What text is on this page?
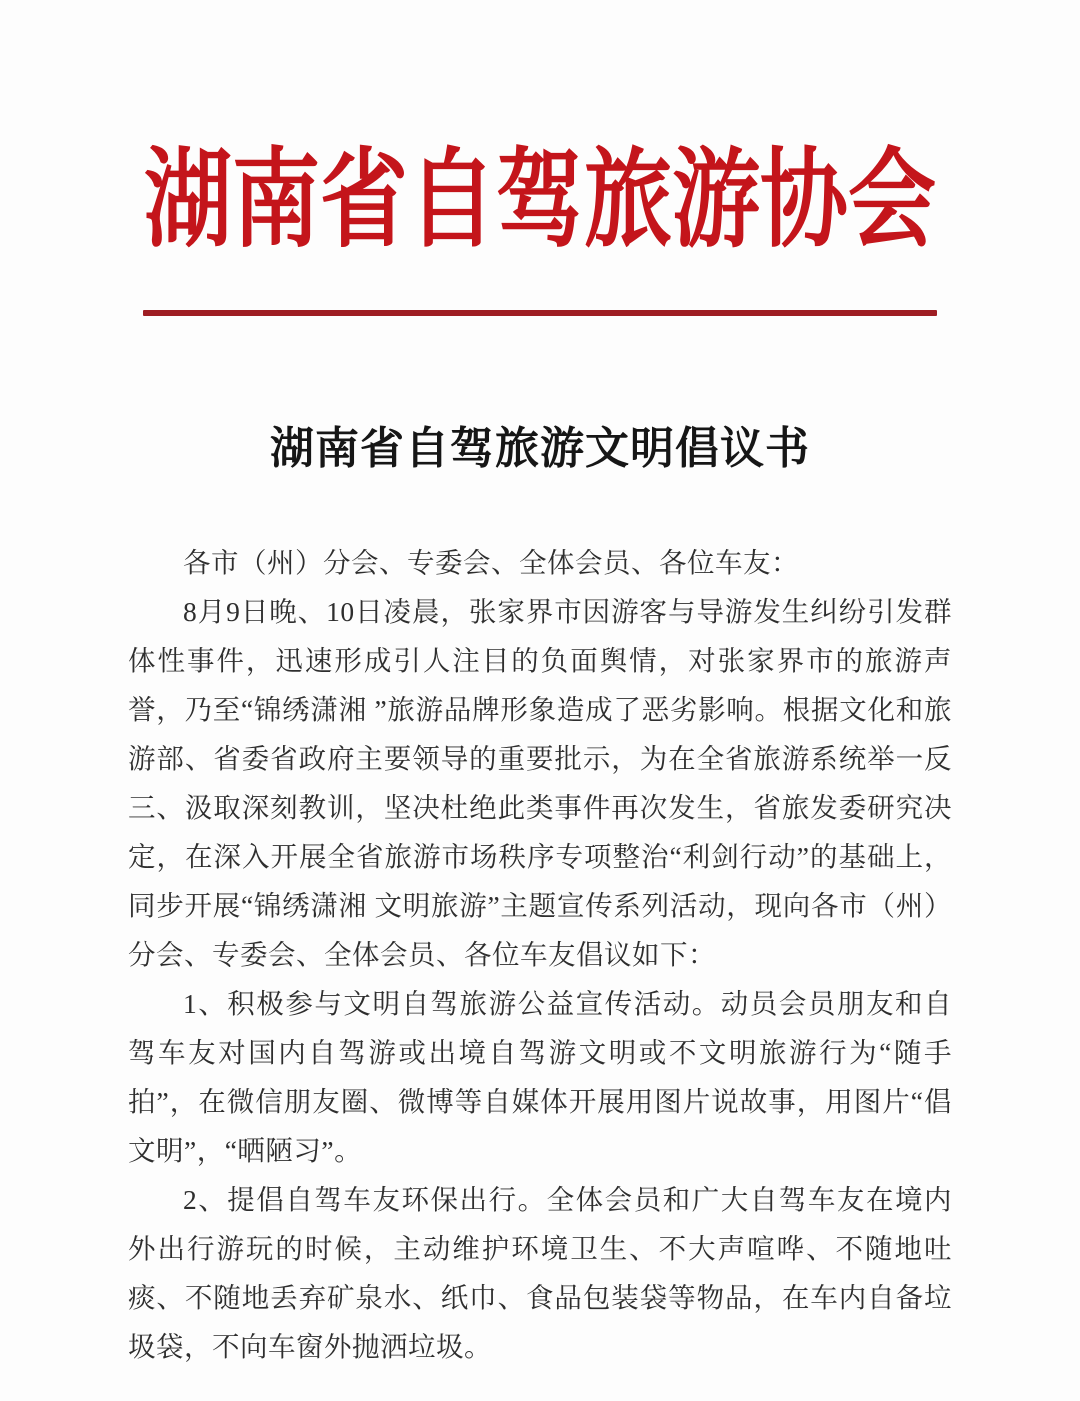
湖南省自驾旅游协会
湖南省自驾旅游文明倡议书

各市（州）分会、专委会、全体会员、各位车友：

8月9日晚、10日凌晨，张家界市因游客与导游发生纠纷引发群体性事件，迅速形成引人注目的负面舆情，对张家界市的旅游声誉，乃至“锦绣潇湘 ”旅游品牌形象造成了恶劣影响。根据文化和旅游部、省委省政府主要领导的重要批示，为在全省旅游系统举一反三、汲取深刻教训，坚决杜绝此类事件再次发生，省旅发委研究决定，在深入开展全省旅游市场秩序专项整治“利剑行动”的基础上，同步开展“锦绣潇湘 文明旅游”主题宣传系列活动，现向各市（州）分会、专委会、全体会员、各位车友倡议如下：

1、积极参与文明自驾旅游公益宣传活动。动员会员朋友和自驾车友对国内自驾游或出境自驾游文明或不文明旅游行为“随手拍”，在微信朋友圈、微博等自媒体开展用图片说故事，用图片“倡文明”，“晒陋习”。

2、提倡自驾车友环保出行。全体会员和广大自驾车友在境内外出行游玩的时候，主动维护环境卫生、不大声喧哗、不随地吐痰、不随地丢弃矿泉水、纸巾、食品包装袋等物品，在车内自备垃圾袋，不向车窗外抛洒垃圾。
